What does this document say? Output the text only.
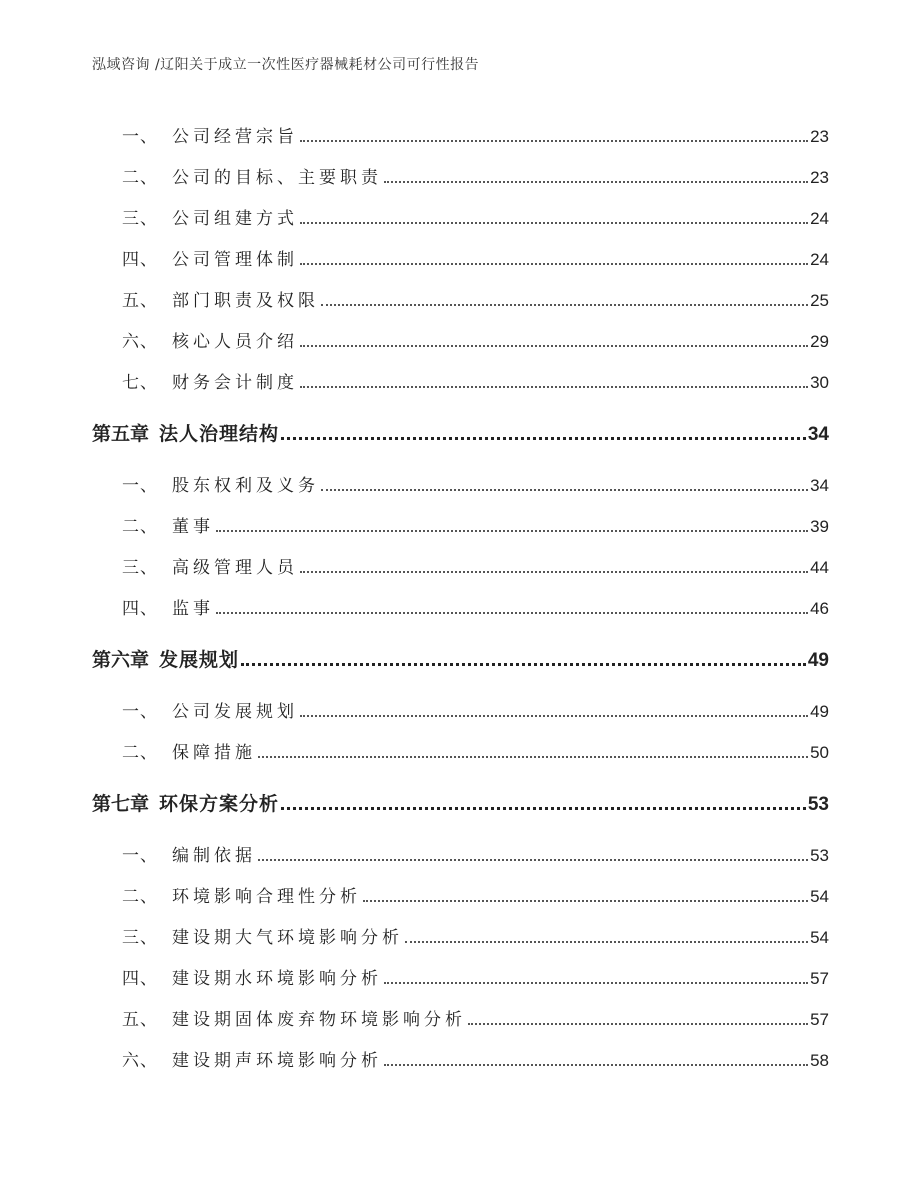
泓域咨询 /辽阳关于成立一次性医疗器械耗材公司可行性报告
一、 公司经营宗旨	23
二、 公司的目标、主要职责	23
三、 公司组建方式	24
四、 公司管理体制	24
五、 部门职责及权限	25
六、 核心人员介绍	29
七、 财务会计制度	30
第五章 法人治理结构	34
一、 股东权利及义务	34
二、 董事	39
三、 高级管理人员	44
四、 监事	46
第六章 发展规划	49
一、 公司发展规划	49
二、 保障措施	50
第七章 环保方案分析	53
一、 编制依据	53
二、 环境影响合理性分析	54
三、 建设期大气环境影响分析	54
四、 建设期水环境影响分析	57
五、 建设期固体废弃物环境影响分析	57
六、 建设期声环境影响分析	58
